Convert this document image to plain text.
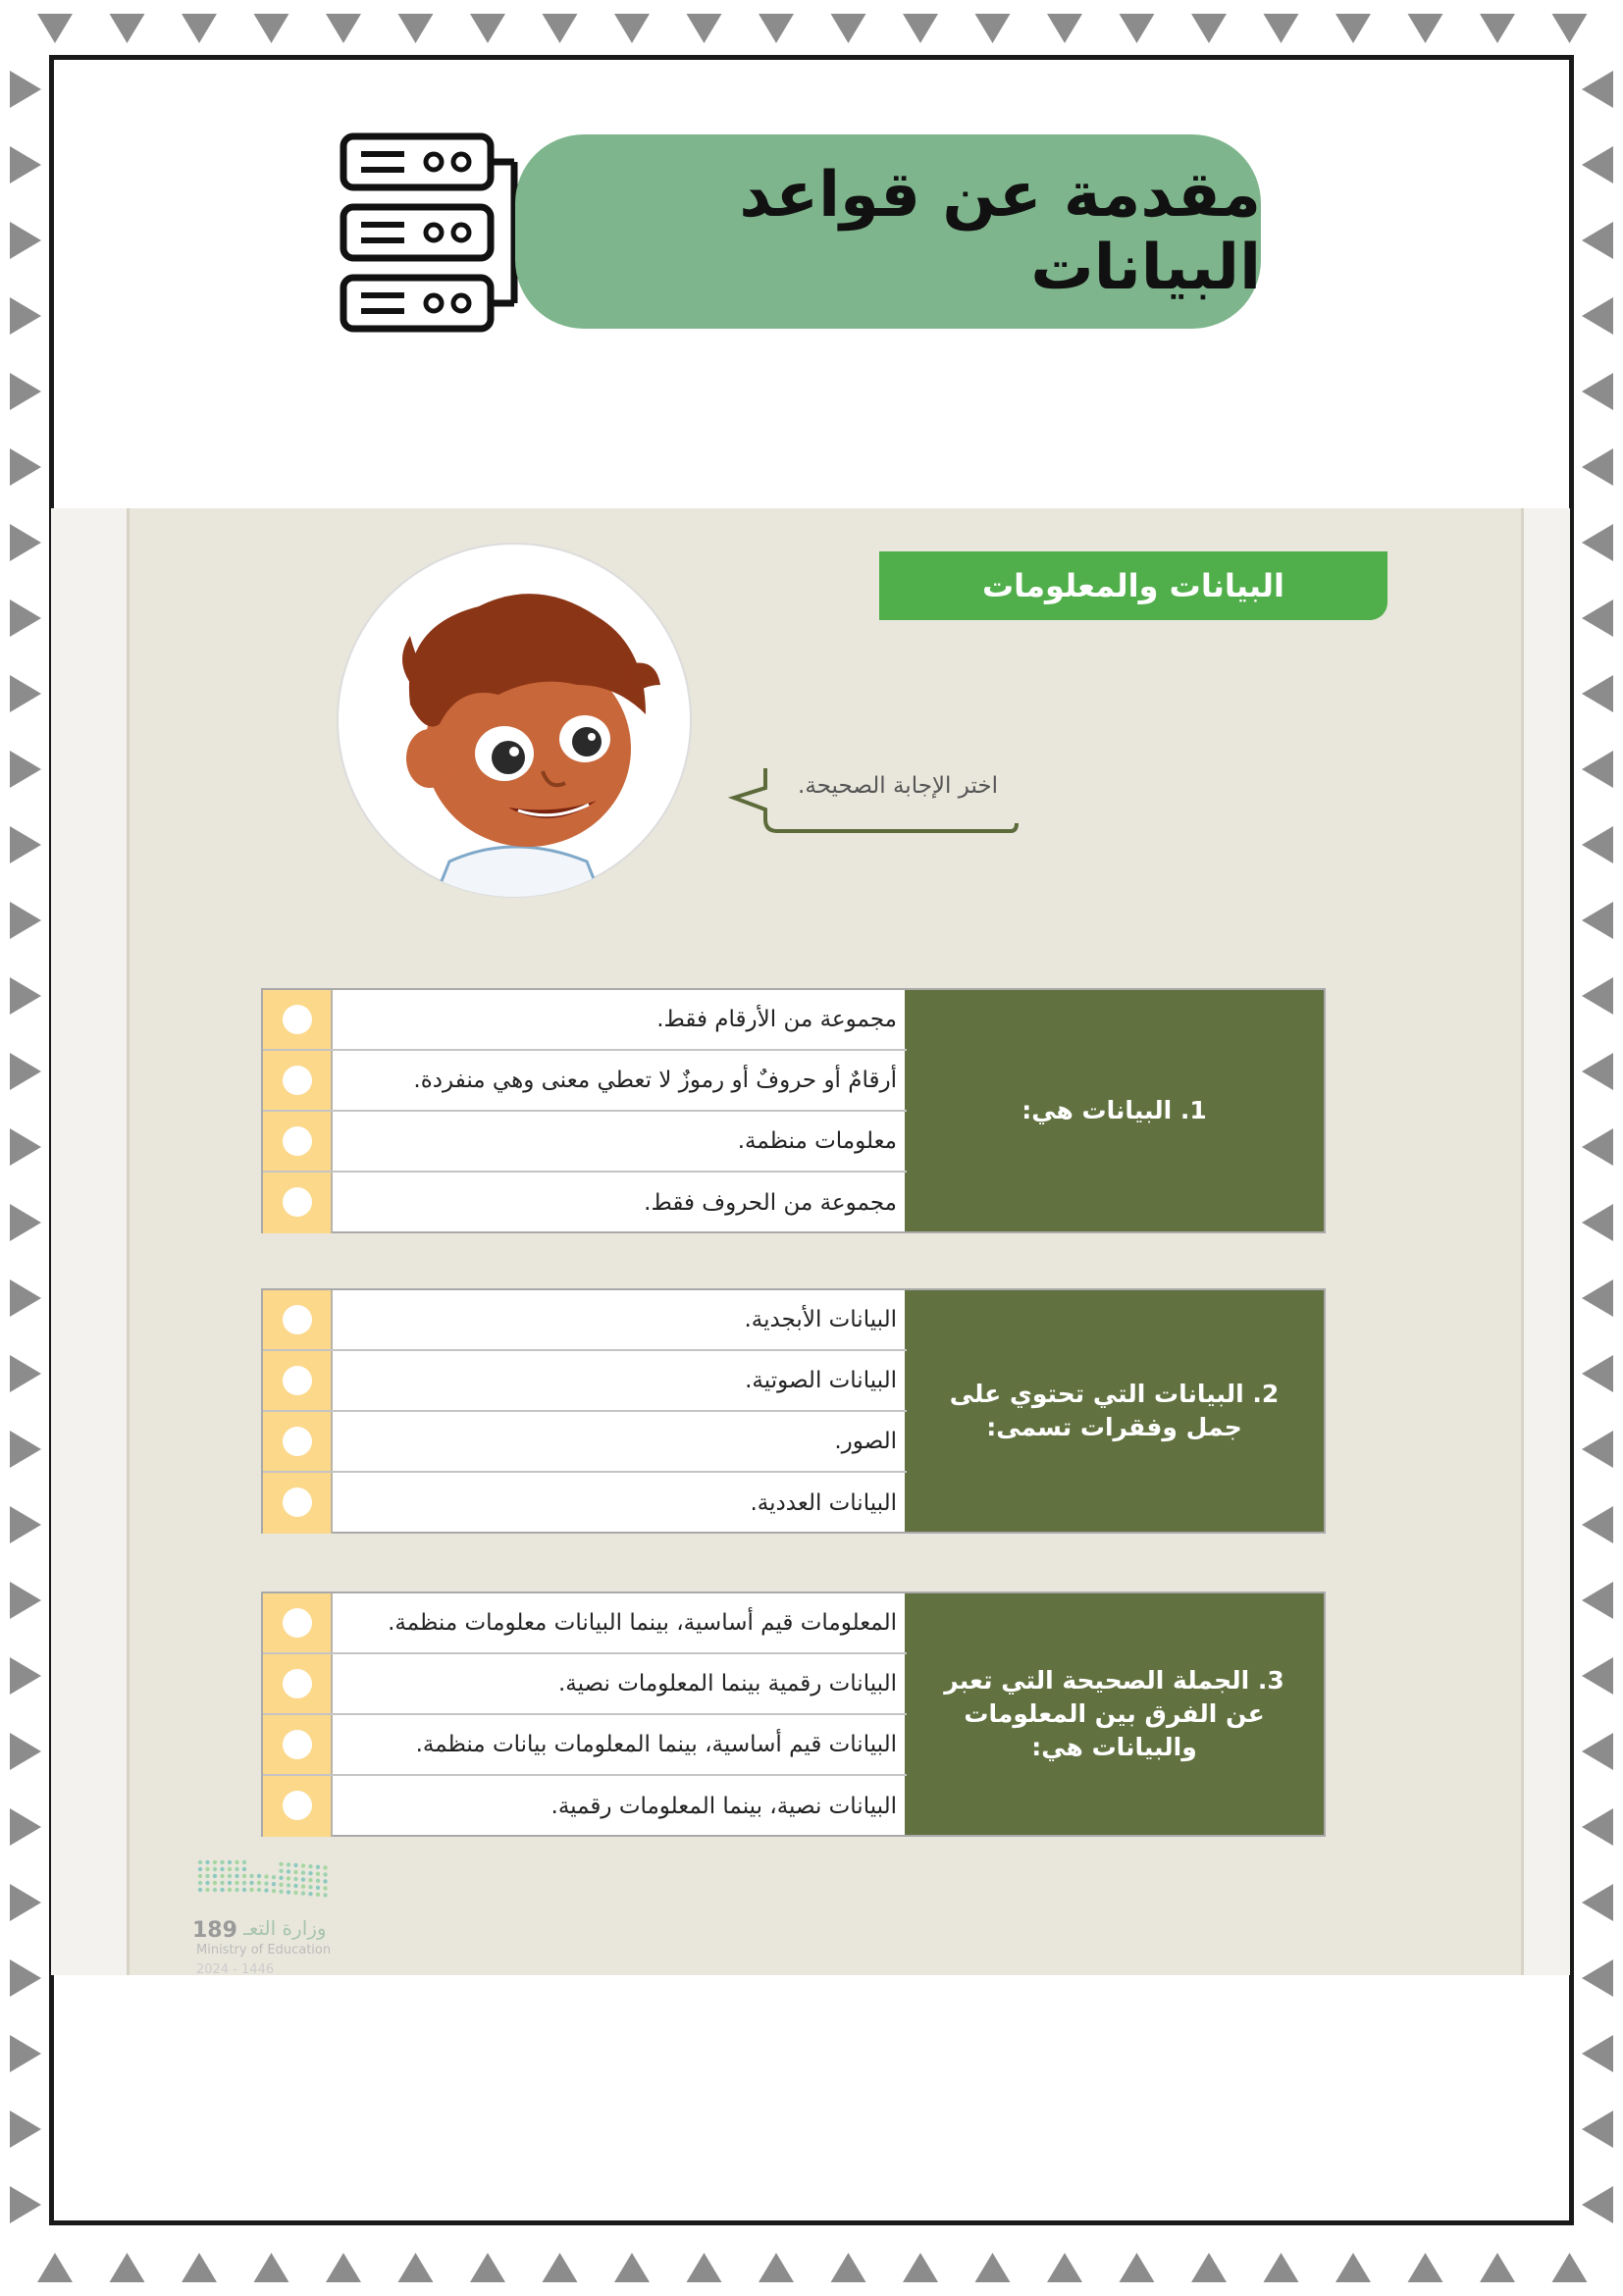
مقدمة عن قواعد البيانات
البيانات والمعلومات
اختر الإجابة الصحيحة.
1. البيانات هي:
مجموعة من الأرقام فقط.
أرقامٌ أو حروفٌ أو رموزٌ لا تعطي معنى وهي منفردة.
معلومات منظمة.
مجموعة من الحروف فقط.
2. البيانات التي تحتوي على جمل وفقرات تسمى:
البيانات الأبجدية.
البيانات الصوتية.
الصور.
البيانات العددية.
3. الجملة الصحيحة التي تعبر عن الفرق بين المعلومات والبيانات هي:
المعلومات قيم أساسية، بينما البيانات معلومات منظمة.
البيانات رقمية بينما المعلومات نصية.
البيانات قيم أساسية، بينما المعلومات بيانات منظمة.
البيانات نصية، بينما المعلومات رقمية.
189 وزارة التعـ
Ministry of Education
2024 - 1446
